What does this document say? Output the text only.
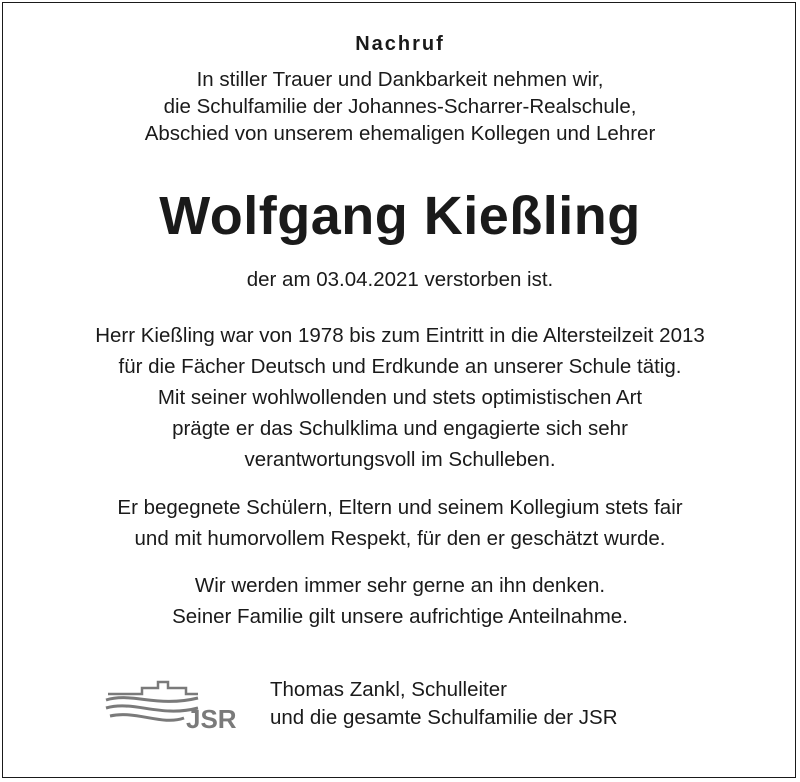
Nachruf
In stiller Trauer und Dankbarkeit nehmen wir,
die Schulfamilie der Johannes-Scharrer-Realschule,
Abschied von unserem ehemaligen Kollegen und Lehrer
Wolfgang Kießling
der am 03.04.2021 verstorben ist.
Herr Kießling war von 1978 bis zum Eintritt in die Altersteilzeit 2013
für die Fächer Deutsch und Erdkunde an unserer Schule tätig.
Mit seiner wohlwollenden und stets optimistischen Art
prägte er das Schulklima und engagierte sich sehr
verantwortungsvoll im Schulleben.
Er begegnete Schülern, Eltern und seinem Kollegium stets fair
und mit humorvollem Respekt, für den er geschätzt wurde.
Wir werden immer sehr gerne an ihn denken.
Seiner Familie gilt unsere aufrichtige Anteilnahme.
JSR
Thomas Zankl, Schulleiter
und die gesamte Schulfamilie der JSR
